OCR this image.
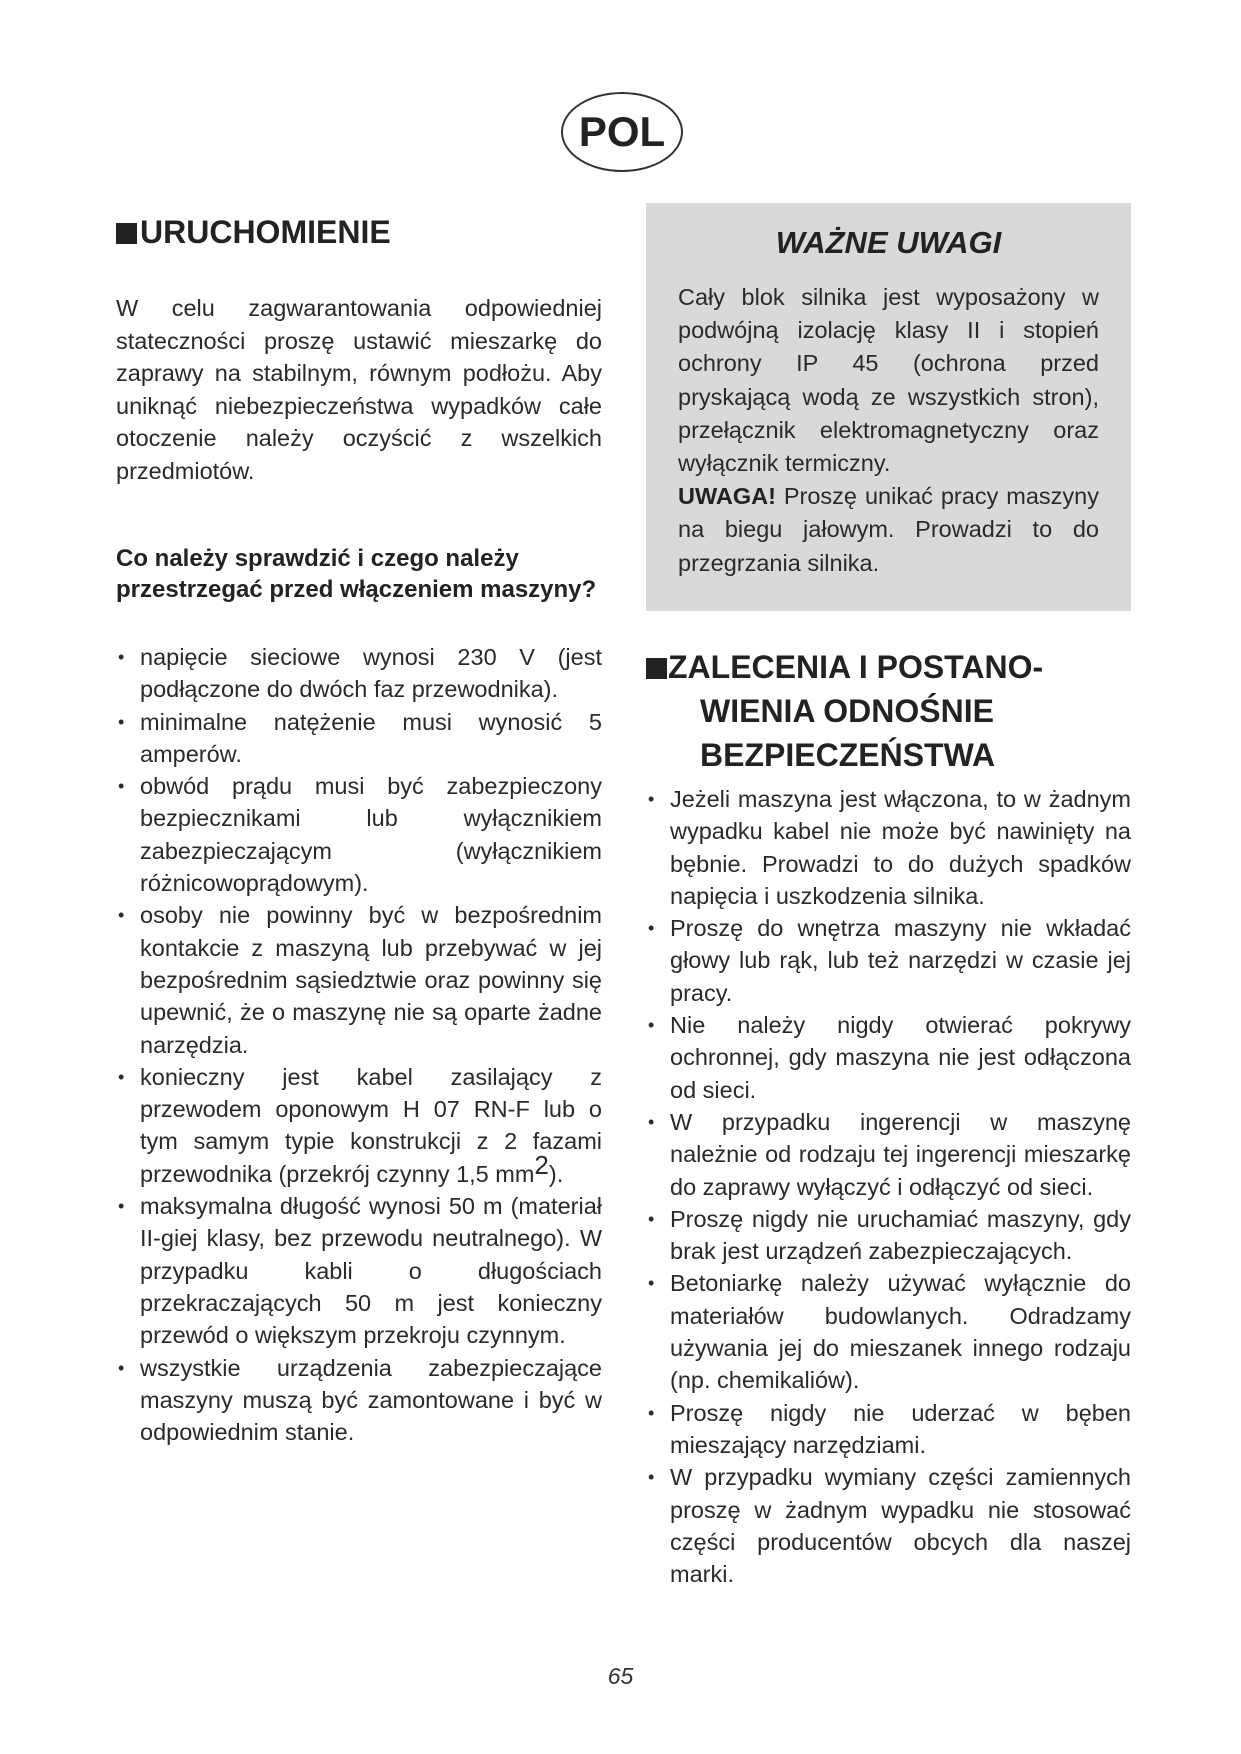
POL
URUCHOMIENIE

W celu zagwarantowania odpowiedniej stateczności proszę ustawić mieszarkę do zaprawy na stabilnym, równym podłożu. Aby uniknąć niebezpieczeństwa wypadków całe otoczenie należy oczyścić z wszelkich przedmiotów.

Co należy sprawdzić i czego należy przestrzegać przed włączeniem maszyny?

• napięcie sieciowe wynosi 230 V (jest podłączone do dwóch faz przewodnika).
• minimalne natężenie musi wynosić 5 amperów.
• obwód prądu musi być zabezpieczony bezpiecznikami lub wyłącznikiem zabezpieczającym (wyłącznikiem różnicowoprądowym).
• osoby nie powinny być w bezpośrednim kontakcie z maszyną lub przebywać w jej bezpośrednim sąsiedztwie oraz powinny się upewnić, że o maszynę nie są oparte żadne narzędzia.
• konieczny jest kabel zasilający z przewodem oponowym H 07 RN-F lub o tym samym typie konstrukcji z 2 fazami przewodnika (przekrój czynny 1,5 $mm^2$).
• maksymalna długość wynosi 50 m (materiał II-giej klasy, bez przewodu neutralnego). W przypadku kabli o długościach przekraczających 50 m jest konieczny przewód o większym przekroju czynnym.
• wszystkie urządzenia zabezpieczające maszyny muszą być zamontowane i być w odpowiednim stanie.

WAŻNE UWAGI

Cały blok silnika jest wyposażony w podwójną izolację klasy II i stopień ochrony IP 45 (ochrona przed pryskającą wodą ze wszystkich stron), przełącznik elektromagnetyczny oraz wyłącznik termiczny.
UWAGA! Proszę unikać pracy maszyny na biegu jałowym. Prowadzi to do przegrzania silnika.

ZALECENIA I POSTANO-
WIENIA ODNOŚNIE
BEZPIECZEŃSTWA
• Jeżeli maszyna jest włączona, to w żadnym wypadku kabel nie może być nawinięty na bębnie. Prowadzi to do dużych spadków napięcia i uszkodzenia silnika.
• Proszę do wnętrza maszyny nie wkładać głowy lub rąk, lub też narzędzi w czasie jej pracy.
• Nie należy nigdy otwierać pokrywy ochronnej, gdy maszyna nie jest odłączona od sieci.
• W przypadku ingerencji w maszynę należnie od rodzaju tej ingerencji mieszarkę do zaprawy wyłączyć i odłączyć od sieci.
• Proszę nigdy nie uruchamiać maszyny, gdy brak jest urządzeń zabezpieczających.
• Betoniarkę należy używać wyłącznie do materiałów budowlanych. Odradzamy używania jej do mieszanek innego rodzaju (np. chemikaliów).
• Proszę nigdy nie uderzać w bęben mieszający narzędziami.
• W przypadku wymiany części zamiennych proszę w żadnym wypadku nie stosować części producentów obcych dla naszej marki.
65
